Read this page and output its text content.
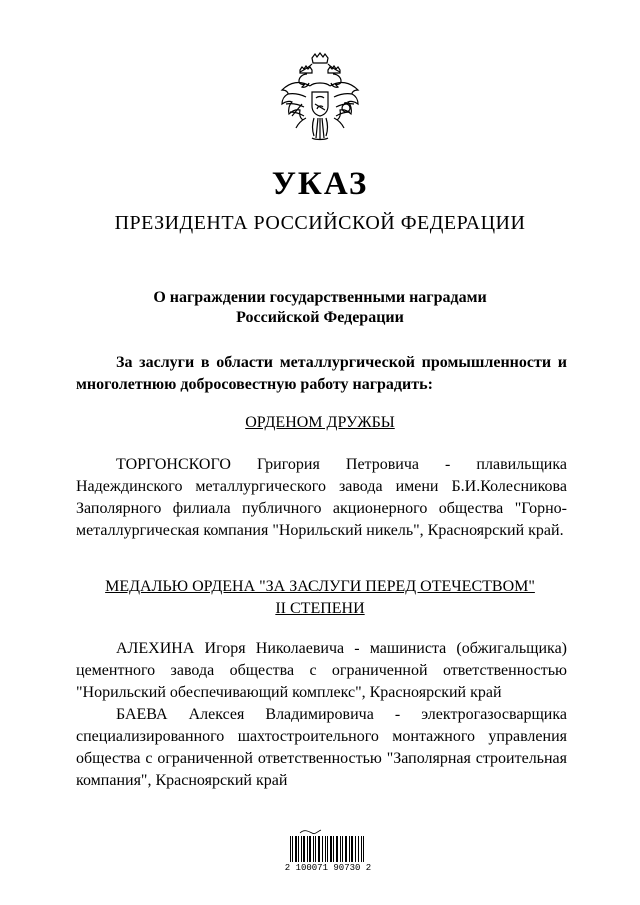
УКАЗ
ПРЕЗИДЕНТА РОССИЙСКОЙ ФЕДЕРАЦИИ
О награждении государственными наградами
Российской Федерации
За заслуги в области металлургической промышленности и многолетнюю добросовестную работу наградить:
ОРДЕНОМ ДРУЖБЫ
ТОРГОНСКОГО Григория Петровича - плавильщика Надеждинского металлургического завода имени Б.И.Колесникова Заполярного филиала публичного акционерного общества "Горно-металлургическая компания "Норильский никель", Красноярский край.
МЕДАЛЬЮ ОРДЕНА "ЗА ЗАСЛУГИ ПЕРЕД ОТЕЧЕСТВОМ"
II СТЕПЕНИ
АЛЕХИНА Игоря Николаевича - машиниста (обжигальщика) цементного завода общества с ограниченной ответственностью "Норильский обеспечивающий комплекс", Красноярский край
БАЕВА Алексея Владимировича - электрогазосварщика специализированного шахтостроительного монтажного управления общества с ограниченной ответственностью "Заполярная строительная компания", Красноярский край
2 100071 90730 2
